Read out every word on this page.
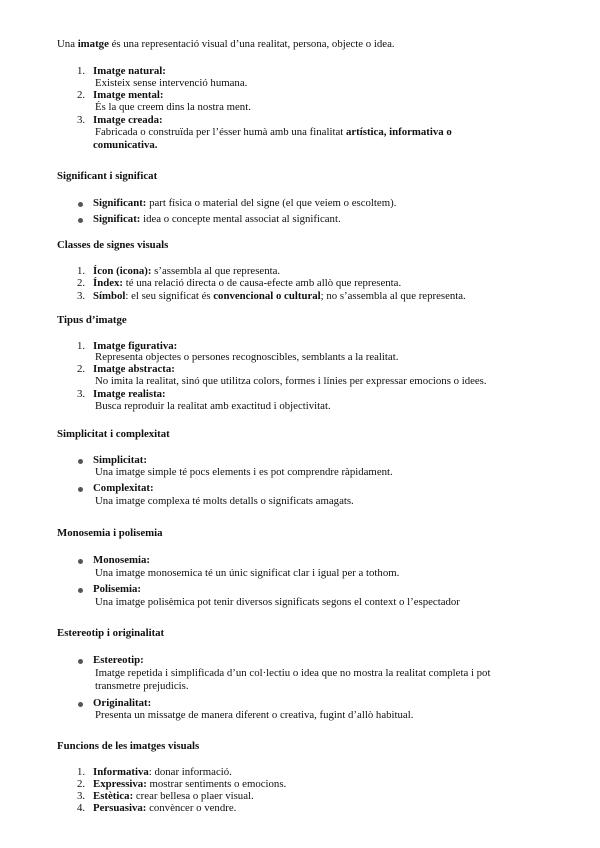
Una imatge és una representació visual d’una realitat, persona, objecte o idea.
1. Imatge natural:
Existeix sense intervenció humana.
2. Imatge mental:
És la que creem dins la nostra ment.
3. Imatge creada:
Fabricada o construïda per l’ésser humà amb una finalitat artística, informativa o
comunicativa.
Significant i significat
Significant: part física o material del signe (el que veiem o escoltem).
Significat: idea o concepte mental associat al significant.
Classes de signes visuals
1. Ícon (icona): s’assembla al que representa.
2. Índex: té una relació directa o de causa-efecte amb allò que representa.
3. Símbol: el seu significat és convencional o cultural; no s’assembla al que representa.
Tipus d’imatge
1. Imatge figurativa:
Representa objectes o persones recognoscibles, semblants a la realitat.
2. Imatge abstracta:
No imita la realitat, sinó que utilitza colors, formes i línies per expressar emocions o idees.
3. Imatge realista:
Busca reproduir la realitat amb exactitud i objectivitat.
Simplicitat i complexitat
Simplicitat:
Una imatge simple té pocs elements i es pot comprendre ràpidament.
Complexitat:
Una imatge complexa té molts detalls o significats amagats.
Monosemia i polisemia
Monosemia:
Una imatge monosemica té un únic significat clar i igual per a tothom.
Polisemia:
Una imatge polisèmica pot tenir diversos significats segons el context o l’espectador
Estereotip i originalitat
Estereotip:
Imatge repetida i simplificada d’un col·lectiu o idea que no mostra la realitat completa i pot
transmetre prejudicis.
Originalitat:
Presenta un missatge de manera diferent o creativa, fugint d’allò habitual.
Funcions de les imatges visuals
1. Informativa: donar informació.
2. Expressiva: mostrar sentiments o emocions.
3. Estètica: crear bellesa o plaer visual.
4. Persuasiva: convèncer o vendre.
